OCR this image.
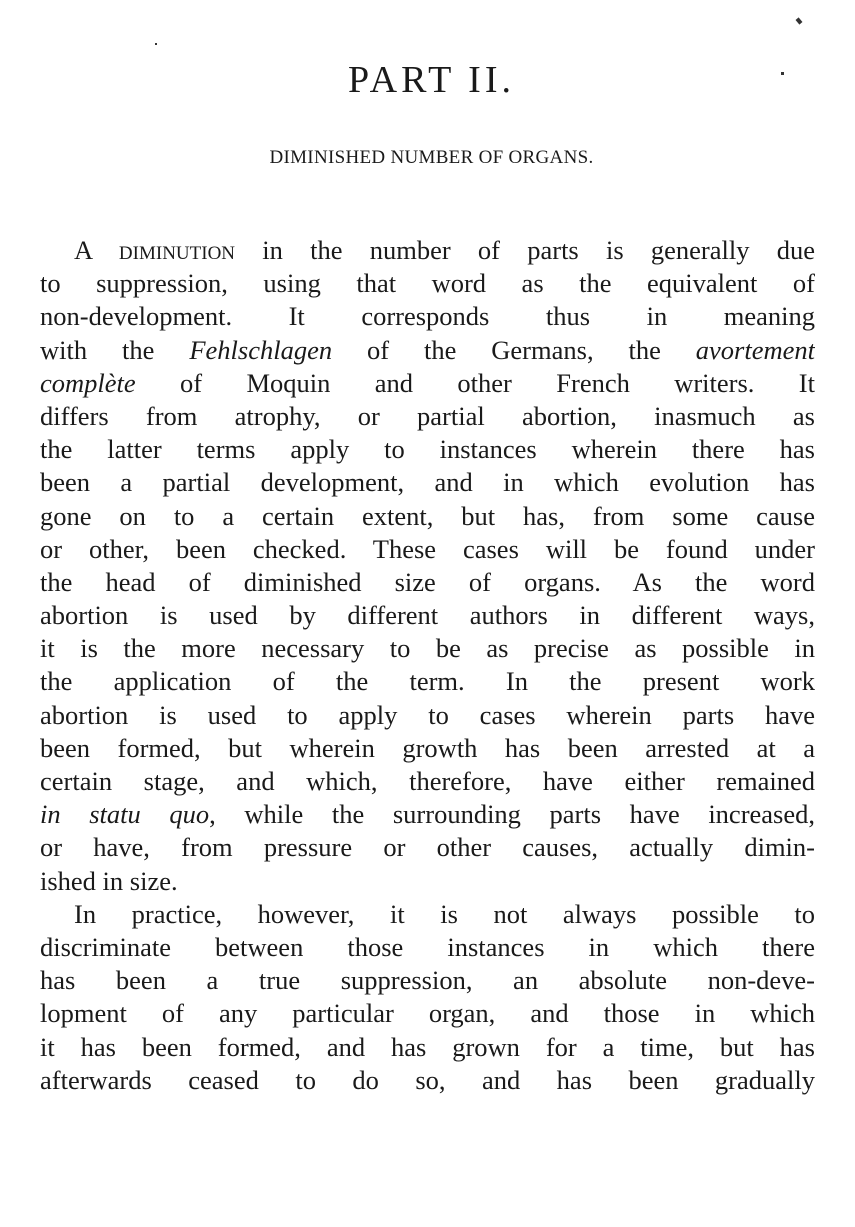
PART II.
DIMINISHED NUMBER OF ORGANS.
A diminution in the number of parts is generally due
to suppression, using that word as the equivalent of
non-development. It corresponds thus in meaning
with the Fehlschlagen of the Germans, the avortement
complète of Moquin and other French writers. It
differs from atrophy, or partial abortion, inasmuch as
the latter terms apply to instances wherein there has
been a partial development, and in which evolution has
gone on to a certain extent, but has, from some cause
or other, been checked. These cases will be found under
the head of diminished size of organs. As the word
abortion is used by different authors in different ways,
it is the more necessary to be as precise as possible in
the application of the term. In the present work
abortion is used to apply to cases wherein parts have
been formed, but wherein growth has been arrested at a
certain stage, and which, therefore, have either remained
in statu quo, while the surrounding parts have increased,
or have, from pressure or other causes, actually dimin-
ished in size.
In practice, however, it is not always possible to
discriminate between those instances in which there
has been a true suppression, an absolute non-deve-
lopment of any particular organ, and those in which
it has been formed, and has grown for a time, but has
afterwards ceased to do so, and has been gradually
